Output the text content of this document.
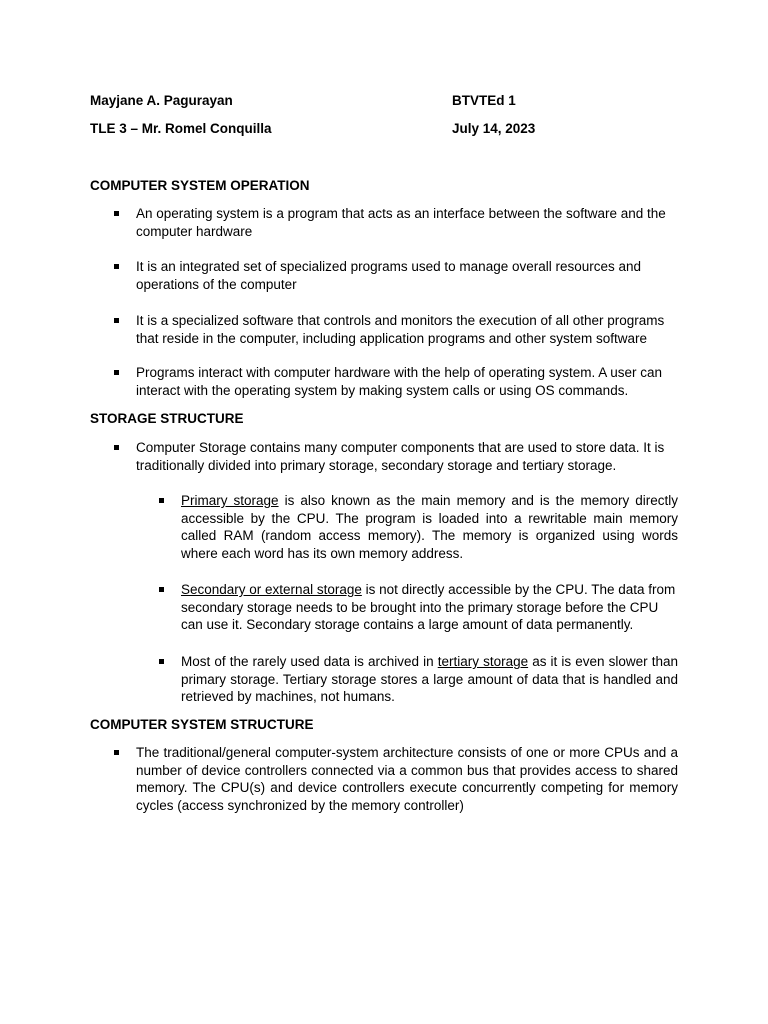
Mayjane A. Pagurayan	BTVTEd 1
TLE 3 – Mr. Romel Conquilla	July 14, 2023
COMPUTER SYSTEM OPERATION
An operating system is a program that acts as an interface between the software and the computer hardware
It is an integrated set of specialized programs used to manage overall resources and operations of the computer
It is a specialized software that controls and monitors the execution of all other programs that reside in the computer, including application programs and other system software
Programs interact with computer hardware with the help of operating system. A user can interact with the operating system by making system calls or using OS commands.
STORAGE STRUCTURE
Computer Storage contains many computer components that are used to store data. It is traditionally divided into primary storage, secondary storage and tertiary storage.
Primary storage is also known as the main memory and is the memory directly accessible by the CPU. The program is loaded into a rewritable main memory called RAM (random access memory). The memory is organized using words where each word has its own memory address.
Secondary or external storage is not directly accessible by the CPU. The data from secondary storage needs to be brought into the primary storage before the CPU can use it. Secondary storage contains a large amount of data permanently.
Most of the rarely used data is archived in tertiary storage as it is even slower than primary storage. Tertiary storage stores a large amount of data that is handled and retrieved by machines, not humans.
COMPUTER SYSTEM STRUCTURE
The traditional/general computer-system architecture consists of one or more CPUs and a number of device controllers connected via a common bus that provides access to shared memory. The CPU(s) and device controllers execute concurrently competing for memory cycles (access synchronized by the memory controller)
